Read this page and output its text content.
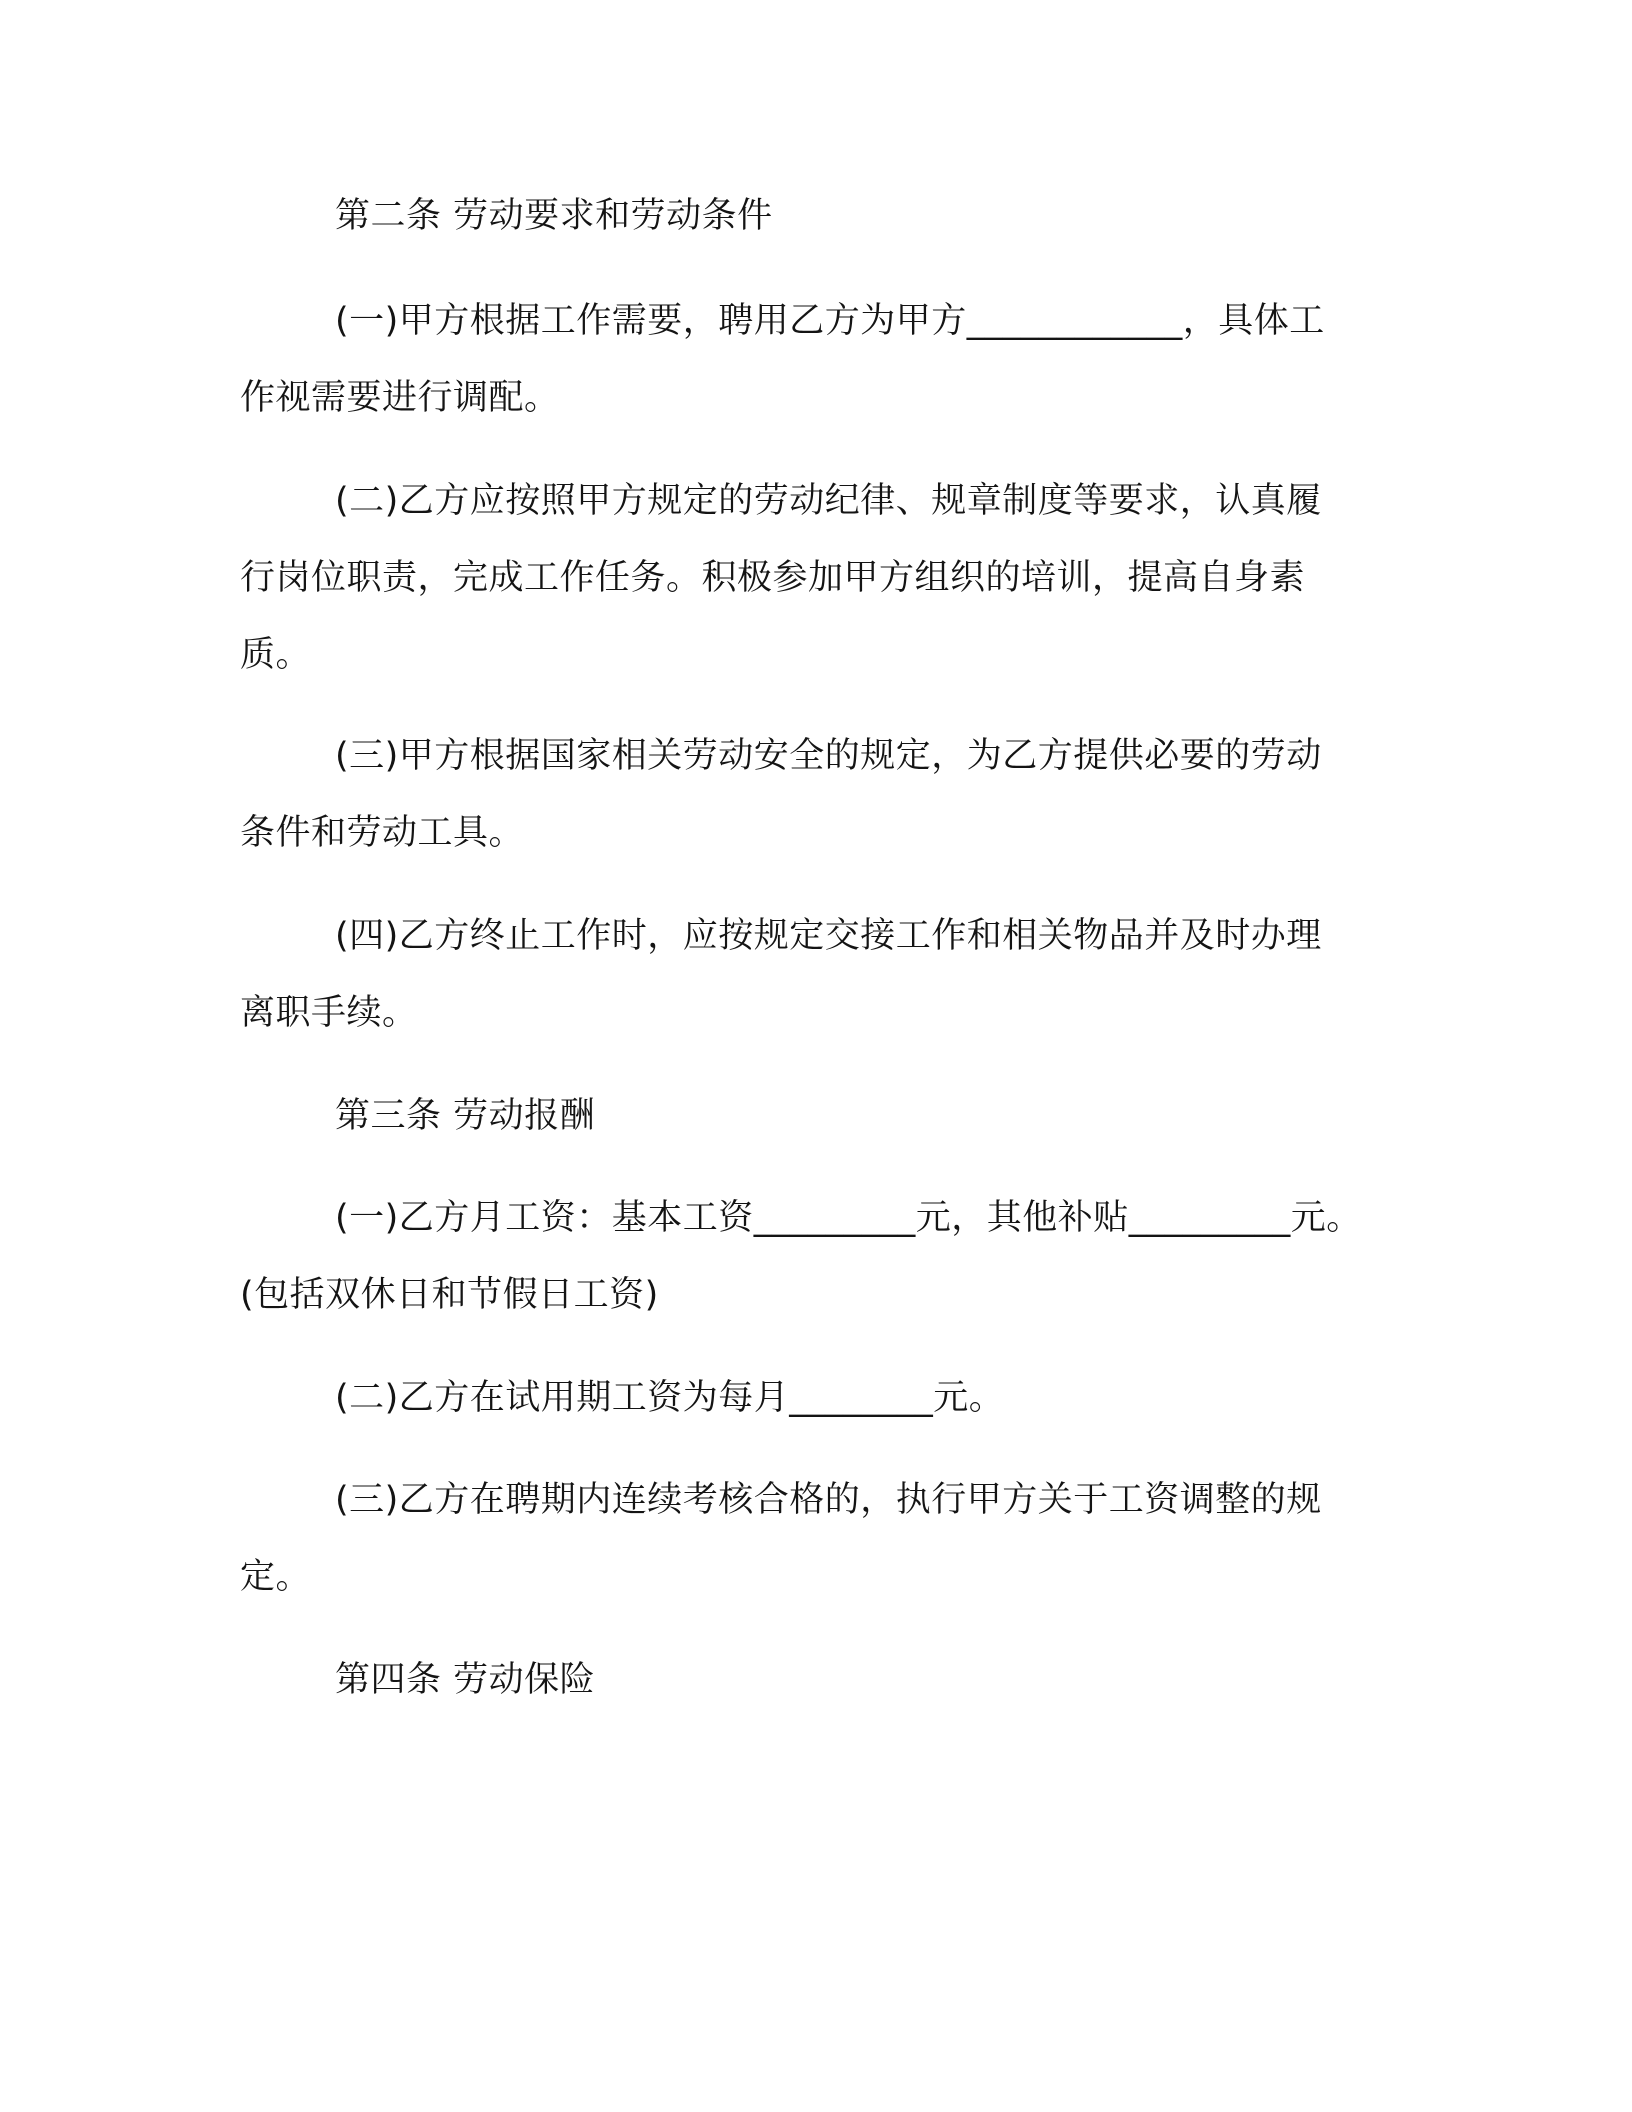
第二条 劳动要求和劳动条件

(一)甲方根据工作需要，聘用乙方为甲方____________，具体工
作视需要进行调配。
(二)乙方应按照甲方规定的劳动纪律、规章制度等要求，认真履
行岗位职责，完成工作任务。积极参加甲方组织的培训，提高自身素
质。
(三)甲方根据国家相关劳动安全的规定，为乙方提供必要的劳动
条件和劳动工具。
(四)乙方终止工作时，应按规定交接工作和相关物品并及时办理
离职手续。

第三条 劳动报酬

(一)乙方月工资：基本工资_________元，其他补贴_________元。
(包括双休日和节假日工资)
(二)乙方在试用期工资为每月________元。
(三)乙方在聘期内连续考核合格的，执行甲方关于工资调整的规
定。

第四条 劳动保险
